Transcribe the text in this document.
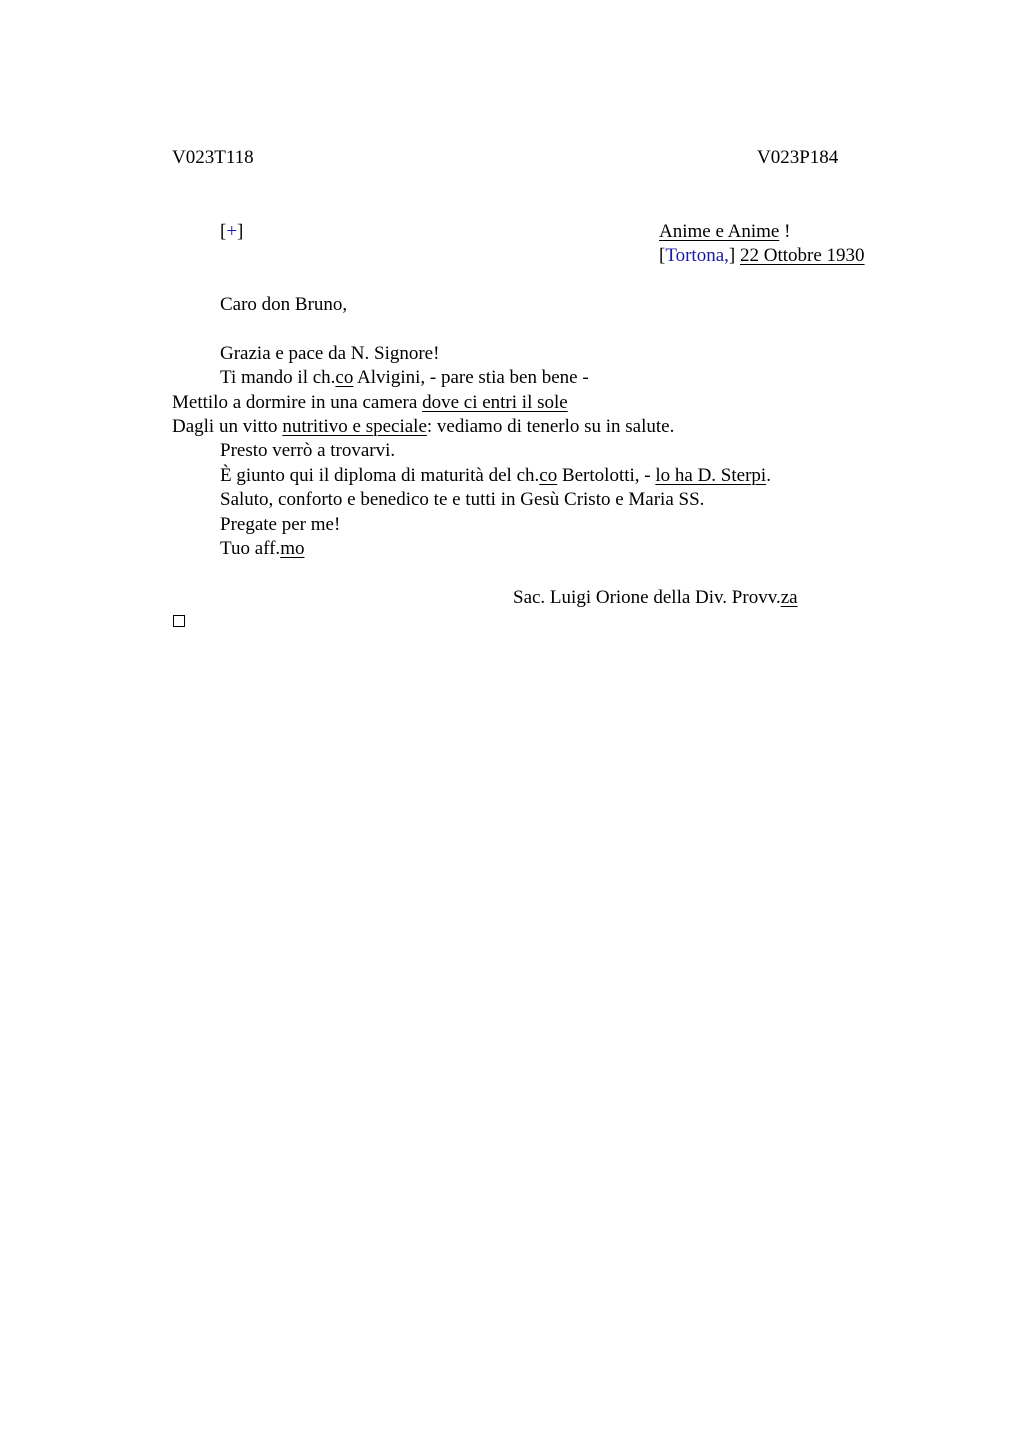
V023T118	V023P184
[+]	Anime e Anime !
[Tortona,] 22 Ottobre 1930
Caro don Bruno,
Grazia e pace da N. Signore!
Ti mando il ch.co Alvigini, - pare stia ben bene -
Mettilo a dormire in una camera dove ci entri il sole
Dagli un vitto nutritivo e speciale: vediamo di tenerlo su in salute.
Presto verrò a trovarvi.
È giunto qui il diploma di maturità del ch.co Bertolotti, - lo ha D. Sterpi.
Saluto, conforto e benedico te e tutti in Gesù Cristo e Maria SS.
Pregate per me!
Tuo aff.mo
Sac. Luigi Orione della Div. Provv.za
